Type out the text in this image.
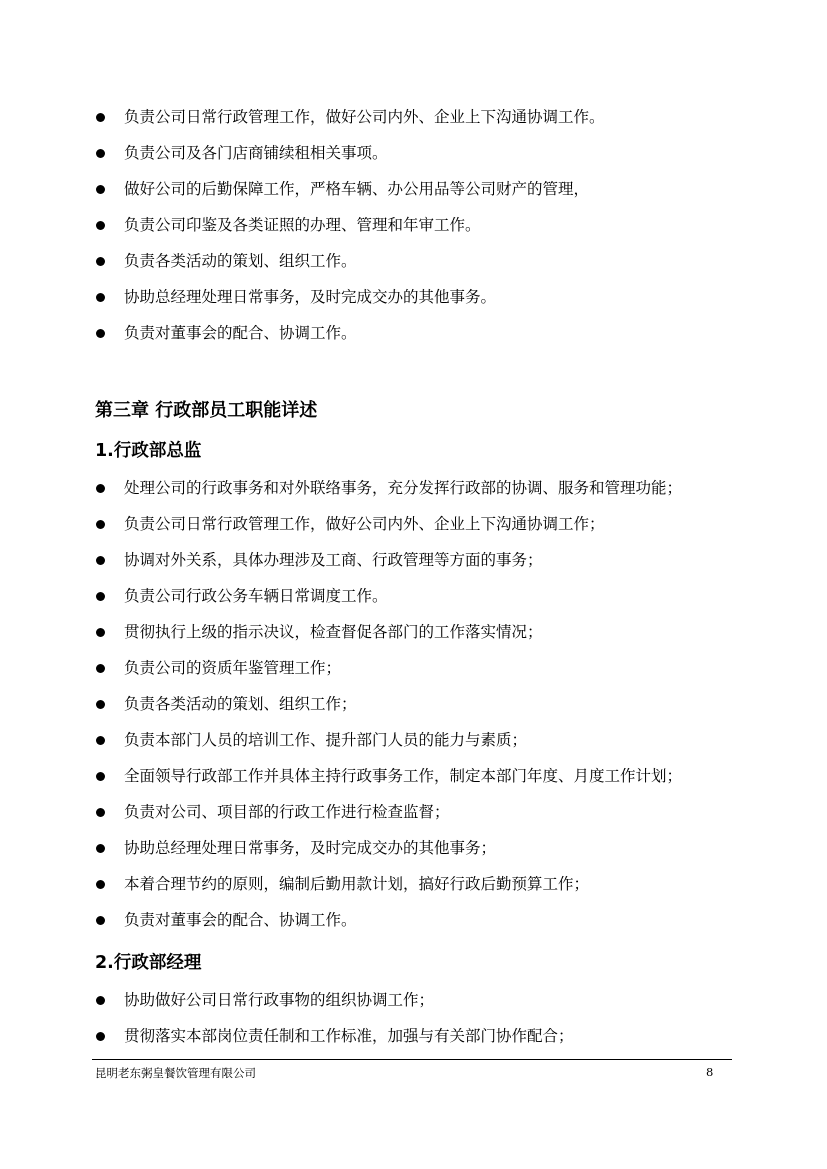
负责公司日常行政管理工作，做好公司内外、企业上下沟通协调工作。
负责公司及各门店商铺续租相关事项。
做好公司的后勤保障工作，严格车辆、办公用品等公司财产的管理，
负责公司印鉴及各类证照的办理、管理和年审工作。
负责各类活动的策划、组织工作。
协助总经理处理日常事务，及时完成交办的其他事务。
负责对董事会的配合、协调工作。
第三章 行政部员工职能详述
1.行政部总监
处理公司的行政事务和对外联络事务，充分发挥行政部的协调、服务和管理功能；
负责公司日常行政管理工作，做好公司内外、企业上下沟通协调工作；
协调对外关系，具体办理涉及工商、行政管理等方面的事务；
负责公司行政公务车辆日常调度工作。
贯彻执行上级的指示决议，检查督促各部门的工作落实情况；
负责公司的资质年鉴管理工作；
负责各类活动的策划、组织工作；
负责本部门人员的培训工作、提升部门人员的能力与素质；
全面领导行政部工作并具体主持行政事务工作，制定本部门年度、月度工作计划；
负责对公司、项目部的行政工作进行检查监督；
协助总经理处理日常事务，及时完成交办的其他事务；
本着合理节约的原则，编制后勤用款计划，搞好行政后勤预算工作；
负责对董事会的配合、协调工作。
2.行政部经理
协助做好公司日常行政事物的组织协调工作；
贯彻落实本部岗位责任制和工作标准，加强与有关部门协作配合；
昆明老东粥皇餐饮管理有限公司	8
